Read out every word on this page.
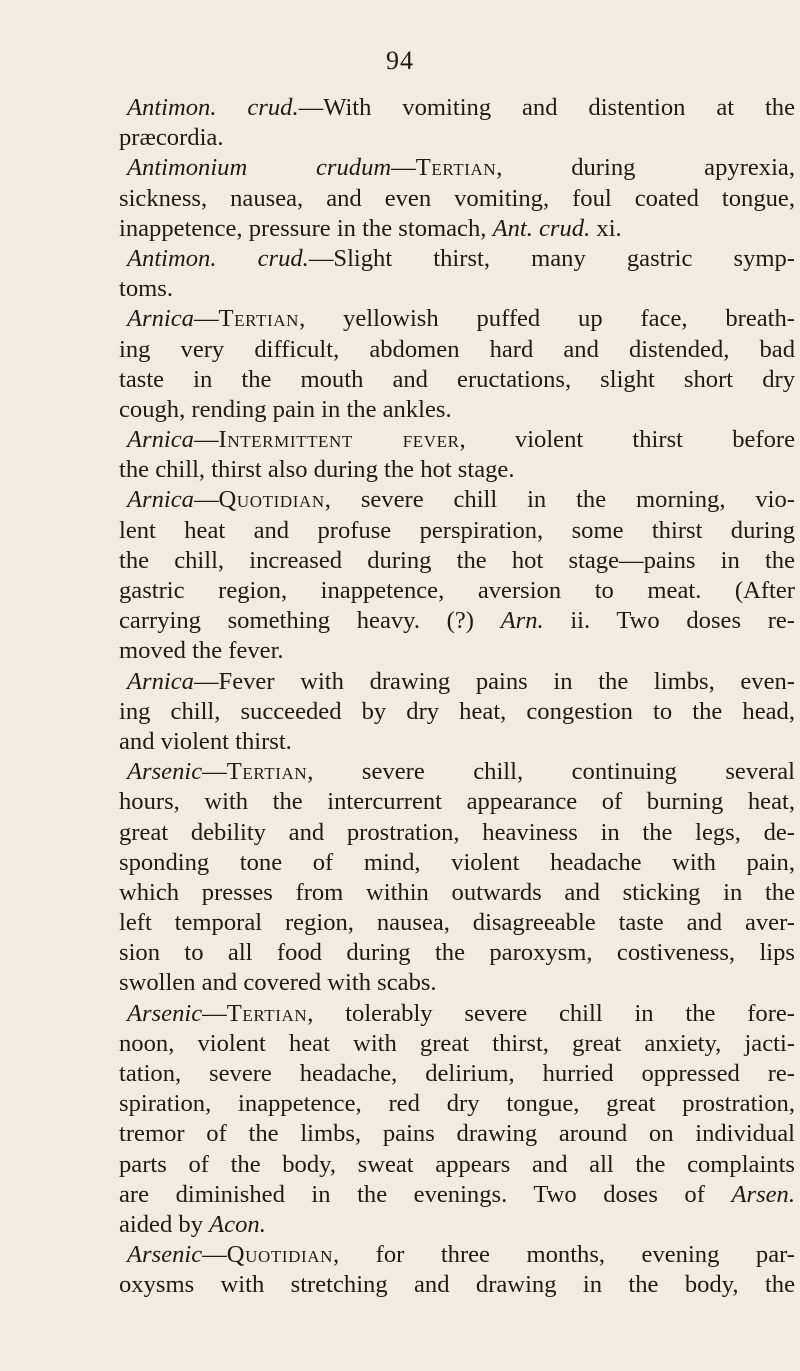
94
Antimon. crud.—With vomiting and distention at the
præcordia.
Antimonium crudum—Tertian, during apyrexia,
sickness, nausea, and even vomiting, foul coated tongue,
inappetence, pressure in the stomach, Ant. crud. xi.
Antimon. crud.—Slight thirst, many gastric symp-
toms.
Arnica—Tertian, yellowish puffed up face, breath-
ing very difficult, abdomen hard and distended, bad
taste in the mouth and eructations, slight short dry
cough, rending pain in the ankles.
Arnica—Intermittent fever, violent thirst before
the chill, thirst also during the hot stage.
Arnica—Quotidian, severe chill in the morning, vio-
lent heat and profuse perspiration, some thirst during
the chill, increased during the hot stage—pains in the
gastric region, inappetence, aversion to meat. (After
carrying something heavy. (?) Arn. ii. Two doses re-
moved the fever.
Arnica—Fever with drawing pains in the limbs, even-
ing chill, succeeded by dry heat, congestion to the head,
and violent thirst.
Arsenic—Tertian, severe chill, continuing several
hours, with the intercurrent appearance of burning heat,
great debility and prostration, heaviness in the legs, de-
sponding tone of mind, violent headache with pain,
which presses from within outwards and sticking in the
left temporal region, nausea, disagreeable taste and aver-
sion to all food during the paroxysm, costiveness, lips
swollen and covered with scabs.
Arsenic—Tertian, tolerably severe chill in the fore-
noon, violent heat with great thirst, great anxiety, jacti-
tation, severe headache, delirium, hurried oppressed re-
spiration, inappetence, red dry tongue, great prostration,
tremor of the limbs, pains drawing around on individual
parts of the body, sweat appears and all the complaints
are diminished in the evenings. Two doses of Arsen.
aided by Acon.
Arsenic—Quotidian, for three months, evening par-
oxysms with stretching and drawing in the body, the
